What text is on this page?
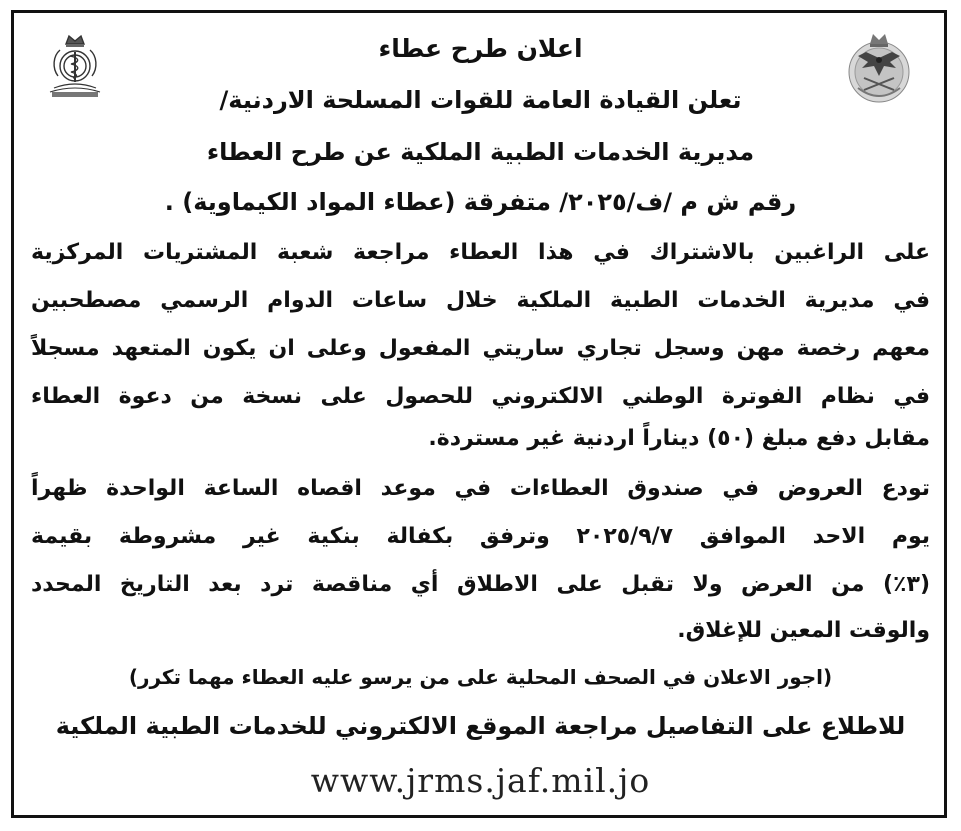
اعلان طرح عطاء
تعلن القيادة العامة للقوات المسلحة الاردنية/
مديرية الخدمات الطبية الملكية عن طرح العطاء
رقم ش م /ف/٢٠٢٥/ متفرقة (عطاء المواد الكيماوية) .
على الراغبين بالاشتراك في هذا العطاء مراجعة شعبة المشتريات المركزية
في مديرية الخدمات الطبية الملكية خلال ساعات الدوام الرسمي مصطحبين
معهم رخصة مهن وسجل تجاري ساريتي المفعول وعلى ان يكون المتعهد مسجلاً
في نظام الفوترة الوطني الالكتروني للحصول على نسخة من دعوة العطاء
مقابل دفع مبلغ (٥٠) ديناراً اردنية غير مستردة.
تودع العروض في صندوق العطاءات في موعد اقصاه الساعة الواحدة ظهراً
يوم الاحد الموافق ٢٠٢٥/٩/٧ وترفق بكفالة بنكية غير مشروطة بقيمة
(٣٪) من العرض ولا تقبل على الاطلاق أي مناقصة ترد بعد التاريخ المحدد
والوقت المعين للإغلاق.
(اجور الاعلان في الصحف المحلية على من يرسو عليه العطاء مهما تكرر)
للاطلاع على التفاصيل مراجعة الموقع الالكتروني للخدمات الطبية الملكية
www.jrms.jaf.mil.jo
